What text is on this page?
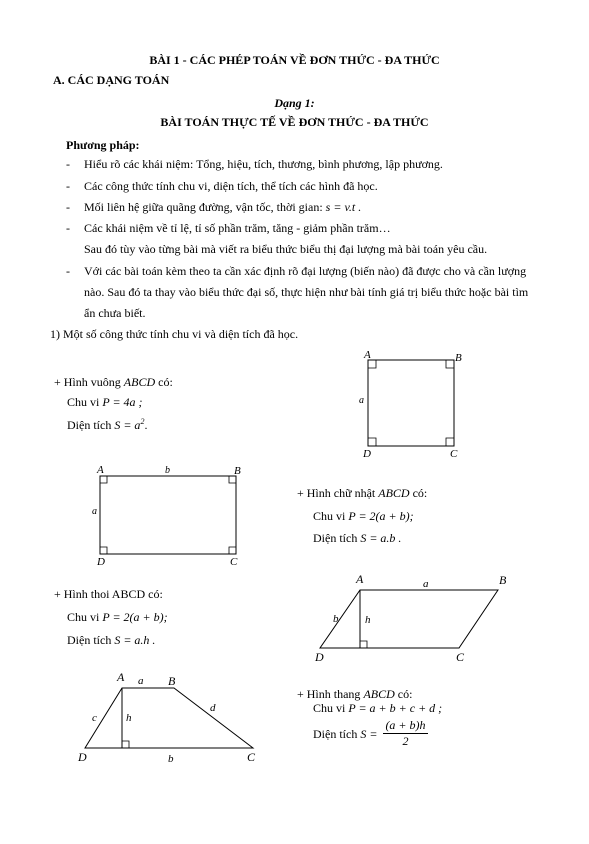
BÀI 1 - CÁC PHÉP TOÁN VỀ ĐƠN THỨC - ĐA THỨC
A. CÁC DẠNG TOÁN
Dạng 1:
BÀI TOÁN THỰC TẾ VỀ ĐƠN THỨC - ĐA THỨC
Phương pháp:
- Hiểu rõ các khái niệm: Tổng, hiệu, tích, thương, bình phương, lập phương.
- Các công thức tính chu vi, diện tích, thể tích các hình đã học.
- Mối liên hệ giữa quãng đường, vận tốc, thời gian: s = v.t .
- Các khái niệm về tỉ lệ, tỉ số phần trăm, tăng - giảm phần trăm…
Sau đó tùy vào từng bài mà viết ra biểu thức biểu thị đại lượng mà bài toán yêu cầu.
- Với các bài toán kèm theo ta cần xác định rõ đại lượng (biến nào) đã được cho và cần lượng
nào. Sau đó ta thay vào biểu thức đại số, thực hiện như bài tính giá trị biểu thức hoặc bài tìm
ẩn chưa biết.
1) Một số công thức tính chu vi và diện tích đã học.
+ Hình vuông ABCD có:
Chu vi P = 4a ;
Diện tích $S = a^2$.
A	B
C
D
a
A	B
C
D
b
a
+ Hình chữ nhật ABCD có:
Chu vi P = 2(a + b);
Diện tích S = a.b .
+ Hình thoi ABCD có:
Chu vi P = 2(a + b);
Diện tích S = a.h .
A	B
C
D
a
b h
A	B
C
D
a
b
c
d
h
+ Hình thang ABCD có:
Chu vi P = a + b + c + d ;
Diện tích $S = \frac{(a + b)h}{2}$
